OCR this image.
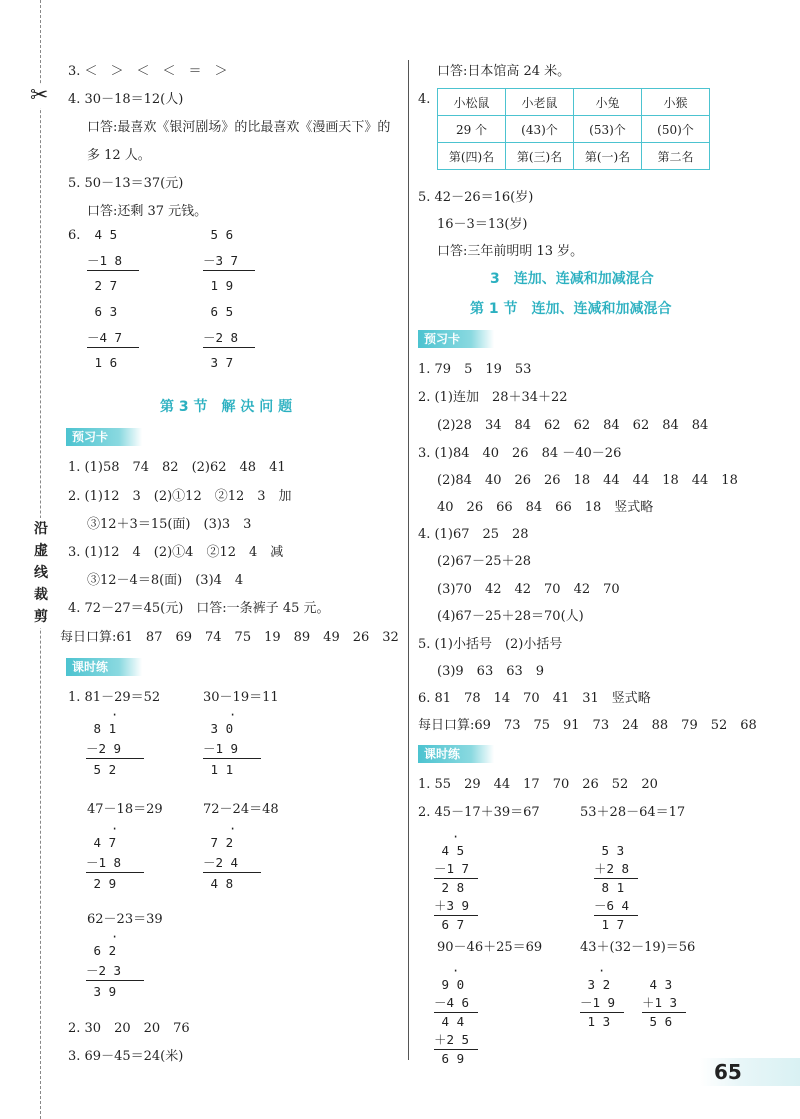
✂
沿虚线裁剪
3. ＜　＞　＜　＜　＝　＞
4. 30－18＝12(人)
口答:最喜欢《银河剧场》的比最喜欢《漫画天下》的
多 12 人。
5. 50－13＝37(元)
口答:还剩 37 元钱。
6. 4 5
－1 8
2 7
6 3
－4 7
1 6
5 6
－3 7
1 9
6 5
－2 8
3 7
第 3 节　解 决 问 题
预习卡
1. (1)58　74　82　(2)62　48　41
2. (1)12　3　(2)①12　②12　3　加
③12＋3＝15(面)　(3)3　3
3. (1)12　4　(2)①4　②12　4　减
③12－4＝8(面)　(3)4　4
4. 72－27＝45(元)　口答:一条裤子 45 元。
每日口算:61　87　69　74　75　19　89　49　26　32
课时练
1. 81－29＝52	30－19＝11
·
8 1
－2 9
5 2
·
3 0
－1 9
1 1
47－18＝29	72－24＝48
·
4 7
－1 8
2 9
·
7 2
－2 4
4 8
62－23＝39
·
6 2
－2 3
3 9
2. 30　20　20　76
3. 69－45＝24(米)
口答:日本馆高 24 米。
4. 小松鼠	小老鼠	小兔	小猴
29 个	(43)个	(53)个	(50)个
第(四)名	第(三)名	第(一)名	第二名
5. 42－26＝16(岁)
16－3＝13(岁)
口答:三年前明明 13 岁。
3　连加、连减和加减混合
第 1 节　连加、连减和加减混合
预习卡
1. 79　5　19　53
2. (1)连加　28＋34＋22
(2)28　34　84　62　62　84　62　84　84
3. (1)84　40　26　84 －40－26
(2)84　40　26　26　18　44　44　18　44　18
40　26　66　84　66　18　竖式略
4. (1)67　25　28
(2)67－25＋28
(3)70　42　42　70　42　70
(4)67－25＋28＝70(人)
5. (1)小括号　(2)小括号
(3)9　63　63　9
6. 81　78　14　70　41　31　竖式略
每日口算:69　73　75　91　73　24　88　79　52　68
课时练
1. 55　29　44　17　70　26　52　20
2. 45－17＋39＝67	53＋28－64＝17
·
4 5
－1 7
2 8
＋3 9
6 7
5 3
＋2 8
8 1
－6 4
1 7
90－46＋25＝69	43＋(32－19)＝56
·
9 0
－4 6
4 4
＋2 5
6 9
·
3 2
－1 9
1 3
4 3
＋1 3
5 6
65
